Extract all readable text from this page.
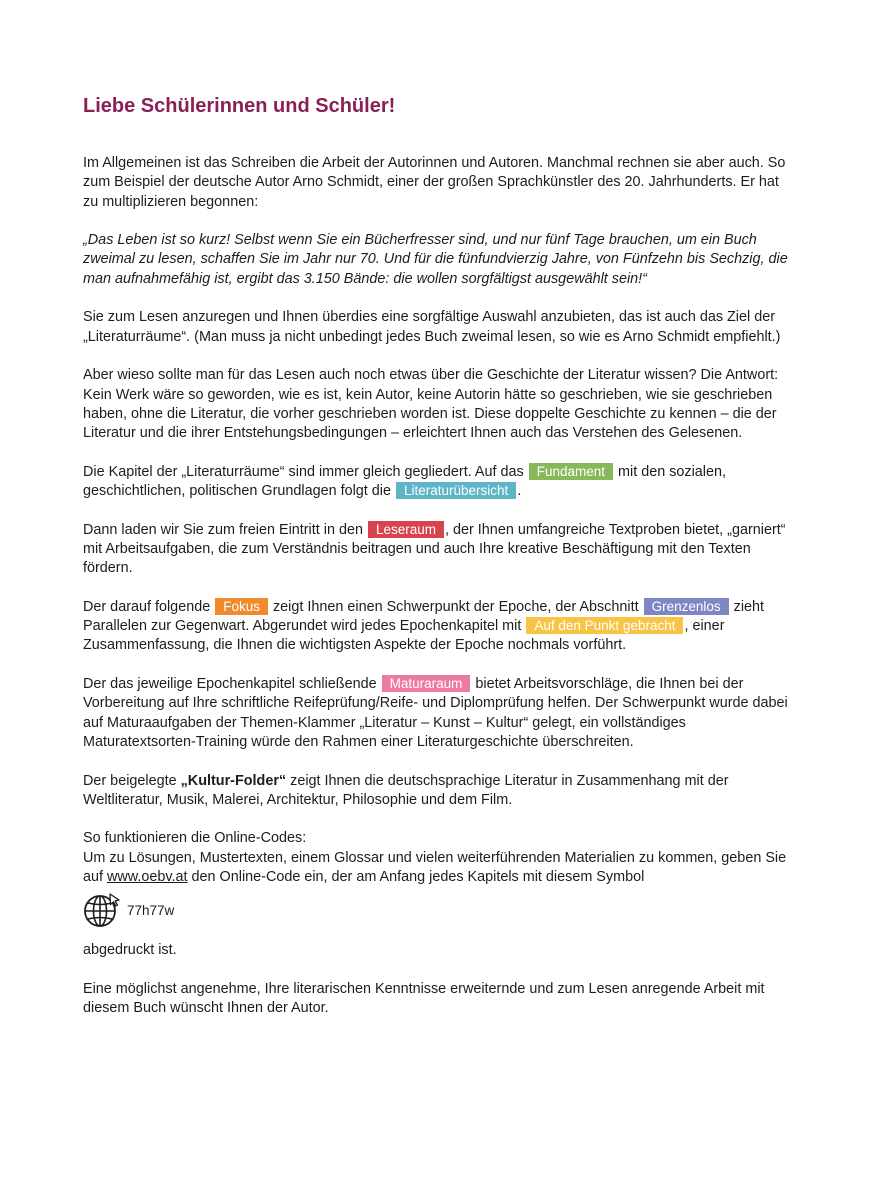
Liebe Schülerinnen und Schüler!

Im Allgemeinen ist das Schreiben die Arbeit der Autorinnen und Autoren. Manchmal rechnen sie aber auch. So zum Beispiel der deutsche Autor Arno Schmidt, einer der großen Sprachkünstler des 20. Jahrhunderts. Er hat zu multiplizieren begonnen:

„Das Leben ist so kurz! Selbst wenn Sie ein Bücherfresser sind, und nur fünf Tage brauchen, um ein Buch zweimal zu lesen, schaffen Sie im Jahr nur 70. Und für die fünfundvierzig Jahre, von Fünfzehn bis Sechzig, die man aufnahmefähig ist, ergibt das 3.150 Bände: die wollen sorgfältigst ausgewählt sein!“

Sie zum Lesen anzuregen und Ihnen überdies eine sorgfältige Auswahl anzubieten, das ist auch das Ziel der „Literaturräume“. (Man muss ja nicht unbedingt jedes Buch zweimal lesen, so wie es Arno Schmidt empfiehlt.)

Aber wieso sollte man für das Lesen auch noch etwas über die Geschichte der Literatur wissen? Die Antwort: Kein Werk wäre so geworden, wie es ist, kein Autor, keine Autorin hätte so geschrieben, wie sie geschrieben haben, ohne die Literatur, die vorher geschrieben worden ist. Diese doppelte Geschichte zu kennen – die der Literatur und die ihrer Entstehungsbedingungen – erleichtert Ihnen auch das Verstehen des Gelesenen.

Die Kapitel der „Literaturräume“ sind immer gleich gegliedert. Auf das Fundament mit den sozialen, geschichtlichen, politischen Grundlagen folgt die Literaturübersicht .

Dann laden wir Sie zum freien Eintritt in den Leseraum , der Ihnen umfangreiche Textproben bietet, „garniert“ mit Arbeitsaufgaben, die zum Verständnis beitragen und auch Ihre kreative Beschäftigung mit den Texten fördern.

Der darauf folgende Fokus zeigt Ihnen einen Schwerpunkt der Epoche, der Abschnitt Grenzenlos zieht Parallelen zur Gegenwart. Abgerundet wird jedes Epochenkapitel mit Auf den Punkt gebracht , einer Zusammenfassung, die Ihnen die wichtigsten Aspekte der Epoche nochmals vorführt.

Der das jeweilige Epochenkapitel schließende Maturaraum bietet Arbeitsvorschläge, die Ihnen bei der Vorbereitung auf Ihre schriftliche Reifeprüfung/Reife- und Diplomprüfung helfen. Der Schwerpunkt wurde dabei auf Maturaaufgaben der Themen-Klammer „Literatur – Kunst – Kultur“ gelegt, ein vollständiges Maturatextsorten-Training würde den Rahmen einer Literaturgeschichte überschreiten.

Der beigelegte „Kultur-Folder“ zeigt Ihnen die deutschsprachige Literatur in Zusammenhang mit der Weltliteratur, Musik, Malerei, Architektur, Philosophie und dem Film.

So funktionieren die Online-Codes:
Um zu Lösungen, Mustertexten, einem Glossar und vielen weiterführenden Materialien zu kommen, geben Sie auf www.oebv.at den Online-Code ein, der am Anfang jedes Kapitels mit diesem Symbol

77h77w

abgedruckt ist.

Eine möglichst angenehme, Ihre literarischen Kenntnisse erweiternde und zum Lesen anregende Arbeit mit diesem Buch wünscht Ihnen der Autor.
